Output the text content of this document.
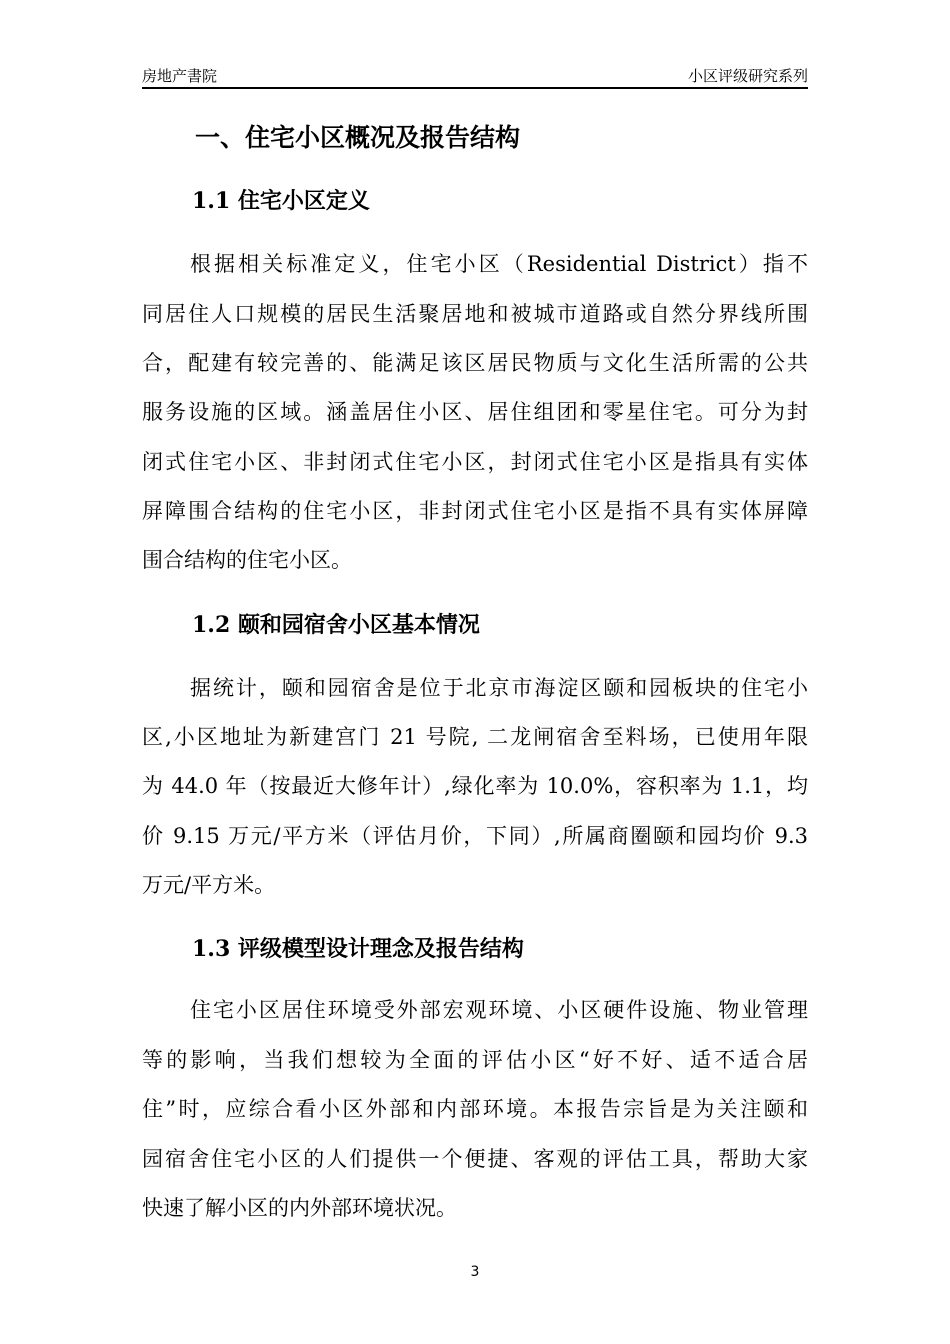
房地产書院	小区评级研究系列
一、住宅小区概况及报告结构
1.1 住宅小区定义
根据相关标准定义，住宅小区（Residential District）指不
同居住人口规模的居民生活聚居地和被城市道路或自然分界线所围
合，配建有较完善的、能满足该区居民物质与文化生活所需的公共
服务设施的区域。涵盖居住小区、居住组团和零星住宅。可分为封
闭式住宅小区、非封闭式住宅小区，封闭式住宅小区是指具有实体
屏障围合结构的住宅小区，非封闭式住宅小区是指不具有实体屏障
围合结构的住宅小区。
1.2 颐和园宿舍小区基本情况
据统计，颐和园宿舍是位于北京市海淀区颐和园板块的住宅小
区,小区地址为新建宫门 21 号院, 二龙闸宿舍至料场，已使用年限
为 44.0 年（按最近大修年计）,绿化率为 10.0%，容积率为 1.1，均
价 9.15 万元/平方米（评估月价，下同）,所属商圈颐和园均价 9.3
万元/平方米。
1.3 评级模型设计理念及报告结构
住宅小区居住环境受外部宏观环境、小区硬件设施、物业管理
等的影响，当我们想较为全面的评估小区“好不好、适不适合居
住”时，应综合看小区外部和内部环境。本报告宗旨是为关注颐和
园宿舍住宅小区的人们提供一个便捷、客观的评估工具，帮助大家
快速了解小区的内外部环境状况。
3
